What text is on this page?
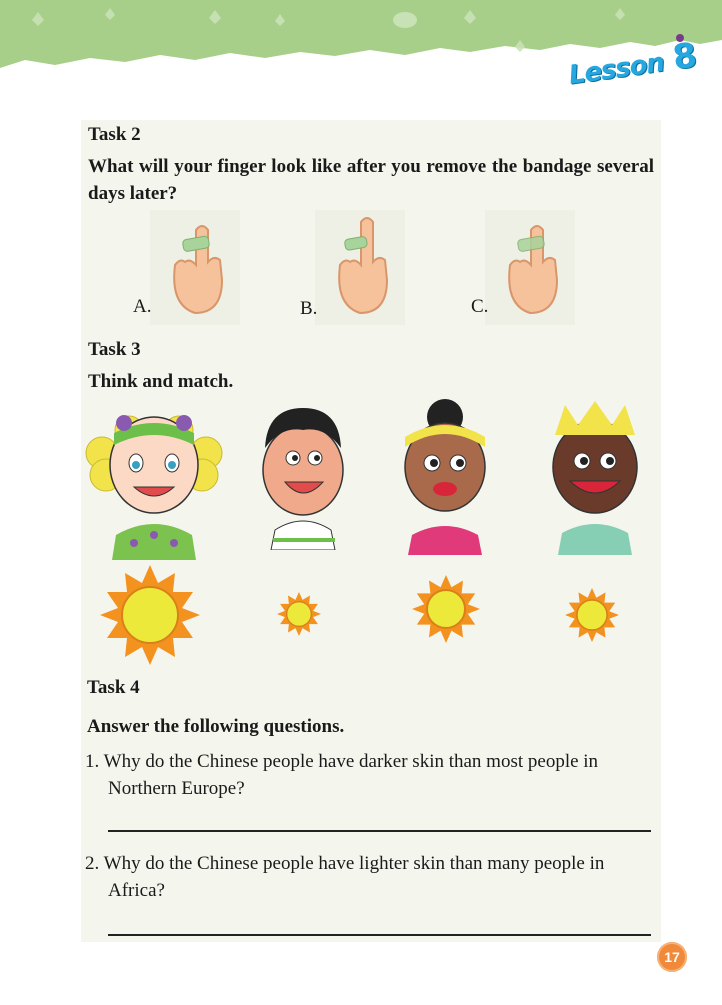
Lesson 8
Task 2
What will your finger look like after you remove the bandage several days later?
A.	B.	C.
Task 3
Think and match.
Task 4
Answer the following questions.
1. Why do the Chinese people have darker skin than most people in
Northern Europe?
2. Why do the Chinese people have lighter skin than many people in
Africa?
17
